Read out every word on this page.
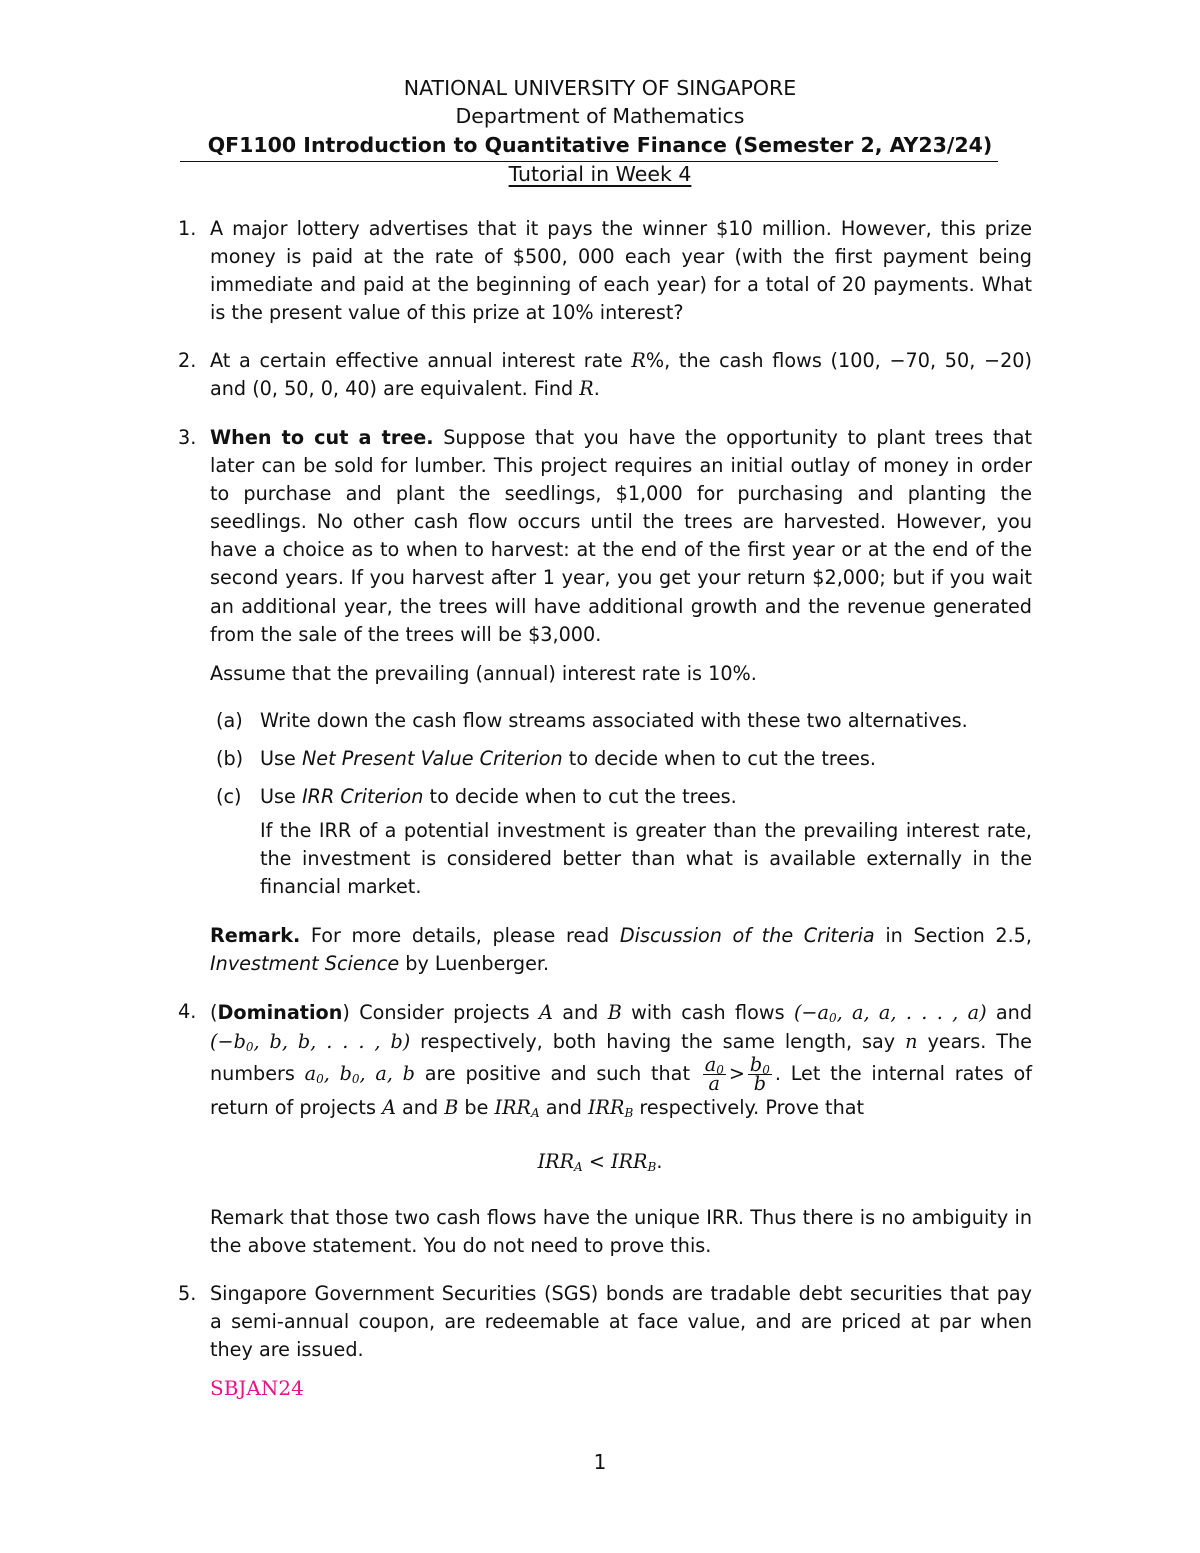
NATIONAL UNIVERSITY OF SINGAPORE
Department of Mathematics
QF1100 Introduction to Quantitative Finance (Semester 2, AY23/24)
Tutorial in Week 4
1. A major lottery advertises that it pays the winner $10 million. However, this prize money is paid at the rate of $500, 000 each year (with the first payment being immediate and paid at the beginning of each year) for a total of 20 payments. What is the present value of this prize at 10% interest?
2. At a certain effective annual interest rate R%, the cash flows (100, −70, 50, −20) and (0, 50, 0, 40) are equivalent. Find R.
3. When to cut a tree. Suppose that you have the opportunity to plant trees that later can be sold for lumber. This project requires an initial outlay of money in order to purchase and plant the seedlings, $1,000 for purchasing and planting the seedlings. No other cash flow occurs until the trees are harvested. However, you have a choice as to when to harvest: at the end of the first year or at the end of the second years. If you harvest after 1 year, you get your return $2,000; but if you wait an additional year, the trees will have additional growth and the revenue generated from the sale of the trees will be $3,000.
Assume that the prevailing (annual) interest rate is 10%.
(a) Write down the cash flow streams associated with these two alternatives.
(b) Use Net Present Value Criterion to decide when to cut the trees.
(c) Use IRR Criterion to decide when to cut the trees.
If the IRR of a potential investment is greater than the prevailing interest rate, the investment is considered better than what is available externally in the financial market.
Remark. For more details, please read Discussion of the Criteria in Section 2.5, Investment Science by Luenberger.
4. (Domination) Consider projects A and B with cash flows ($-a_0$, a, a, . . . , a) and ($-b_0$, b, b, . . . , b) respectively, both having the same length, say n years. The numbers $a_0$, $b_0$, a, b are positive and such that $\frac{a_0}{a} > \frac{b_0}{b}$ . Let the internal rates of return of projects A and B be $IRR_A$ and $IRR_B$ respectively. Prove that
$IRR_A < IRR_B$.
Remark that those two cash flows have the unique IRR. Thus there is no ambiguity in the above statement. You do not need to prove this.
5. Singapore Government Securities (SGS) bonds are tradable debt securities that pay a semi-annual coupon, are redeemable at face value, and are priced at par when they are issued.
SBJAN24
1
